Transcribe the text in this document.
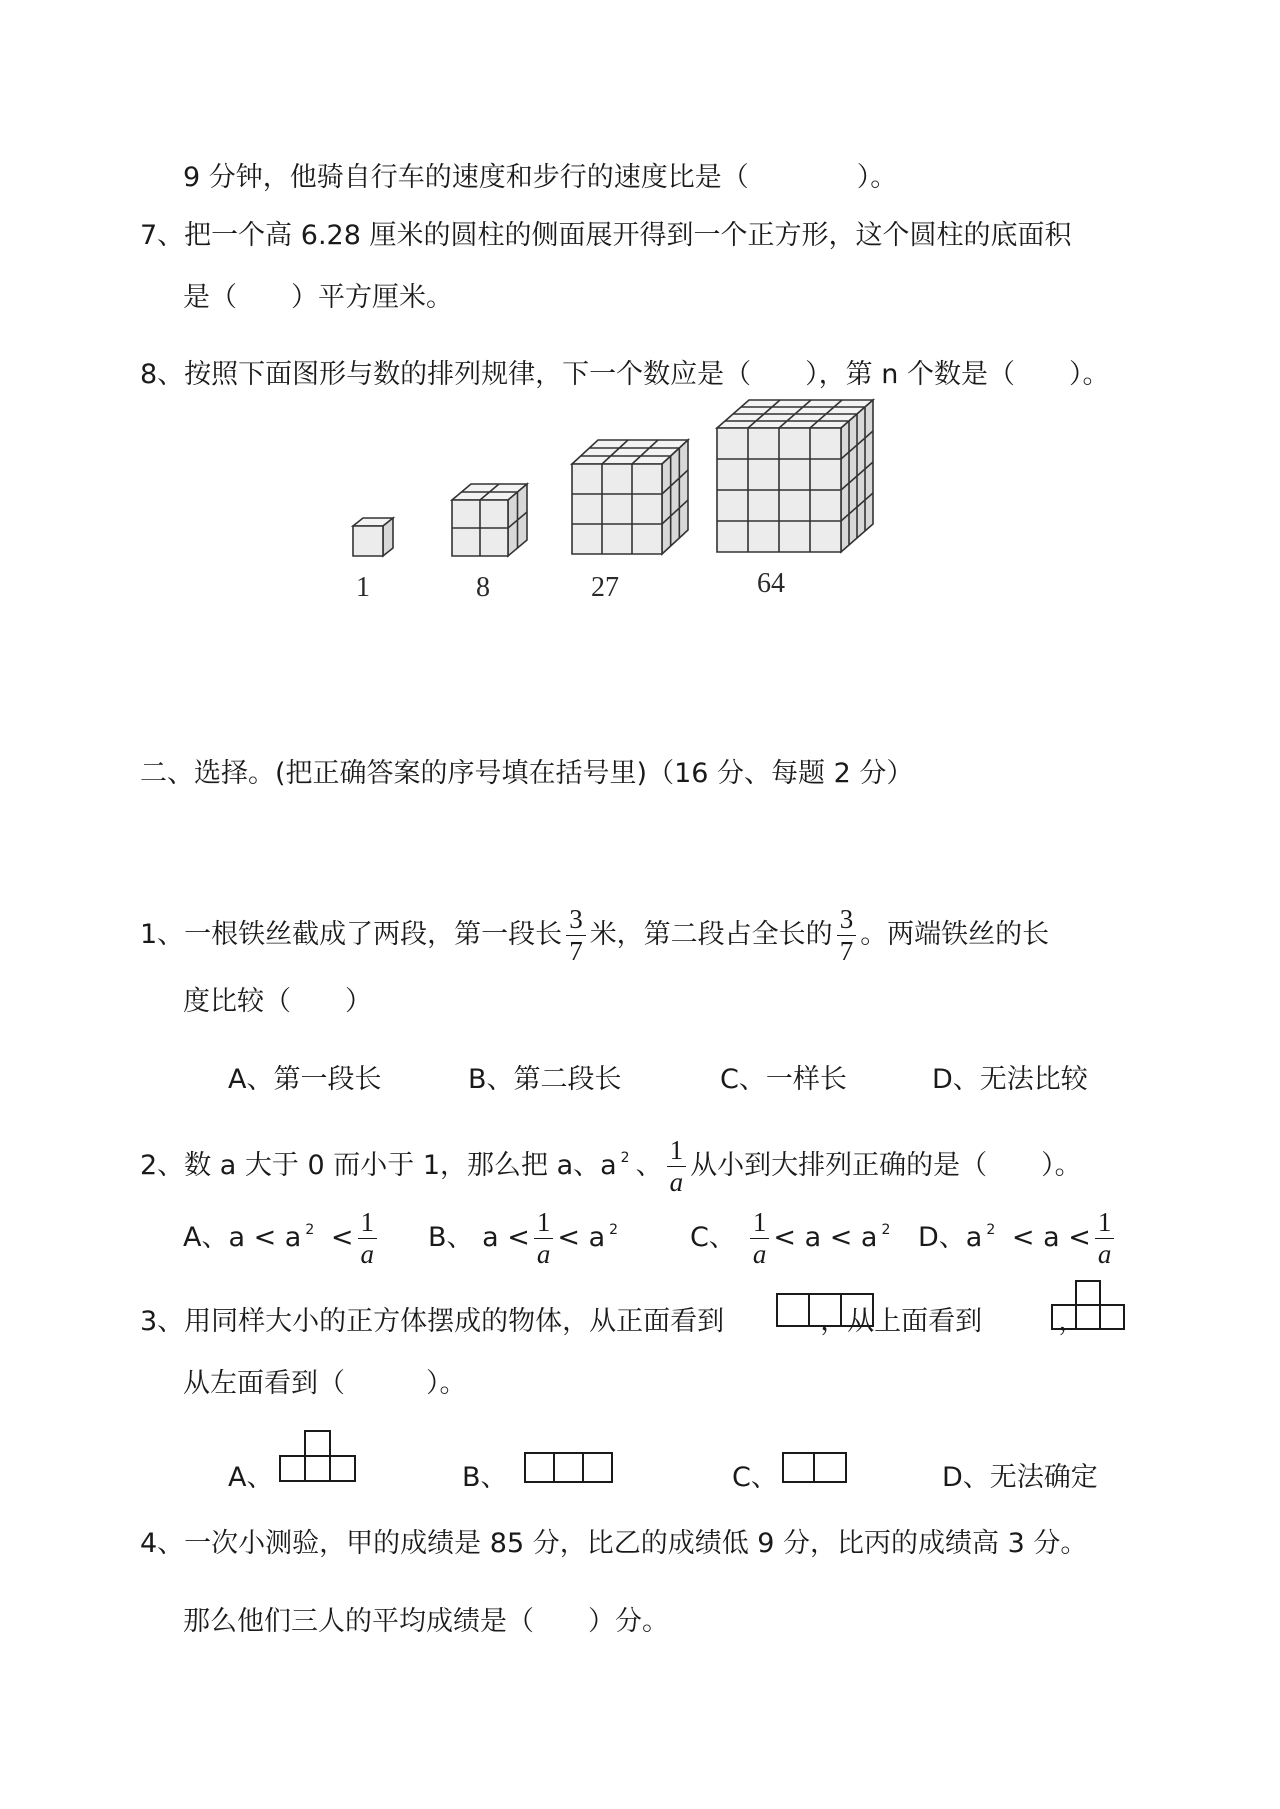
9 分钟，他骑自行车的速度和步行的速度比是（　　　　）。
7、把一个高 6.28 厘米的圆柱的侧面展开得到一个正方形，这个圆柱的底面积
是（　　）平方厘米。
8、按照下面图形与数的排列规律，下一个数应是（　　），第 n 个数是（　　）。
1	8	27	64
二、选择。(把正确答案的序号填在括号里)（16 分、每题 2 分）
1、一根铁丝截成了两段，第一段长 $\frac{3}{7}$ 米，第二段占全长的 $\frac{3}{7}$ 。两端铁丝的长
度比较（　　）
A、第一段长	B、第二段长	C、一样长	D、无法比较
2、数 a 大于 0 而小于 1，那么把 a、a $^2$ 、 $\frac{1}{a}$ 从小到大排列正确的是（　　）。
A、a < a $^2 < \frac{1}{a}$ B、 $a < \frac{1}{a} < a$ $^2$	C、 $\frac{1}{a} < a < a$ $^2$ D、a $^2 < a < \frac{1}{a}$
3、用同样大小的正方体摆成的物体，从正面看到	，从上面看到	，
从左面看到（　　　）。
A、	B、	C、	D、无法确定
4、一次小测验，甲的成绩是 85 分，比乙的成绩低 9 分，比丙的成绩高 3 分。
那么他们三人的平均成绩是（　　）分。
